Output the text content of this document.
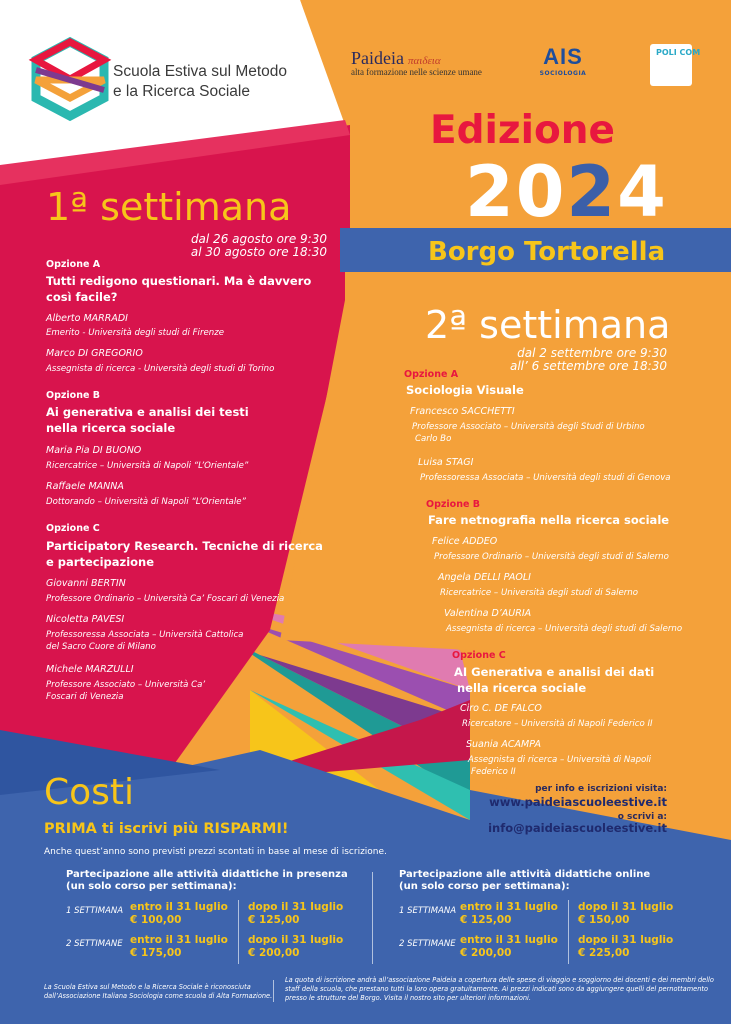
Scuola Estiva sul Metodo
e la Ricerca Sociale
Paideia παιδεια
alta formazione nelle scienze umane
AIS
SOCIOLOGIA
POLI COM
Edizione
2024
Borgo Tortorella
1ª settimana
dal 26 agosto ore 9:30
al 30 agosto ore 18:30
Opzione A
Tutti redigono questionari. Ma è davvero
così facile?
Alberto MARRADI
Emerito - Università degli studi di Firenze
Marco DI GREGORIO
Assegnista di ricerca - Università degli studi di Torino
Opzione B
Ai generativa e analisi dei testi
nella ricerca sociale
Maria Pia DI BUONO
Ricercatrice – Università di Napoli “L’Orientale”
Raffaele MANNA
Dottorando – Università di Napoli “L’Orientale”
Opzione C
Participatory Research. Tecniche di ricerca
e partecipazione
Giovanni BERTIN
Professore Ordinario – Università Ca’ Foscari di Venezia
Nicoletta PAVESI
Professoressa Associata – Università Cattolica
del Sacro Cuore di Milano
Michele MARZULLI
Professore Associato – Università Ca’
Foscari di Venezia
2ª settimana
dal 2 settembre ore 9:30
all’ 6 settembre ore 18:30
Opzione A
Sociologia Visuale
Francesco SACCHETTI
Professore Associato – Università degli Studi di Urbino
Carlo Bo
Luisa STAGI
Professoressa Associata – Università degli studi di Genova
Opzione B
Fare netnografia nella ricerca sociale
Felice ADDEO
Professore Ordinario – Università degli studi di Salerno
Angela DELLI PAOLI
Ricercatrice – Università degli studi di Salerno
Valentina D’AURIA
Assegnista di ricerca – Università degli studi di Salerno
Opzione C
AI Generativa e analisi dei dati
nella ricerca sociale
Ciro C. DE FALCO
Ricercatore – Università di Napoli Federico II
Suania ACAMPA
Assegnista di ricerca – Università di Napoli
Federico II
per info e iscrizioni visita:
www.paideiascuoleestive.it
o scrivi a:
info@paideiascuoleestive.it
Costi
PRIMA ti iscrivi più RISPARMI!
Anche quest’anno sono previsti prezzi scontati in base al mese di iscrizione.
Partecipazione alle attività didattiche in presenza
(un solo corso per settimana):
1 SETTIMANA entro il 31 luglio
€ 100,00
dopo il 31 luglio
€ 125,00
2 SETTIMANE entro il 31 luglio
€ 175,00
dopo il 31 luglio
€ 200,00
Partecipazione alle attività didattiche online
(un solo corso per settimana):
1 SETTIMANA entro il 31 luglio
€ 125,00
dopo il 31 luglio
€ 150,00
2 SETTIMANE entro il 31 luglio
€ 200,00
dopo il 31 luglio
€ 225,00
La Scuola Estiva sul Metodo e la Ricerca Sociale è riconosciuta
dall’Associazione Italiana Sociologia come scuola di Alta Formazione.
La quota di iscrizione andrà all’associazione Paideia a copertura delle spese di viaggio e soggiorno dei docenti e dei membri dello
staff della scuola, che prestano tutti la loro opera gratuitamente. Ai prezzi indicati sono da aggiungere quelli del pernottamento
presso le strutture del Borgo. Visita il nostro sito per ulteriori informazioni.
